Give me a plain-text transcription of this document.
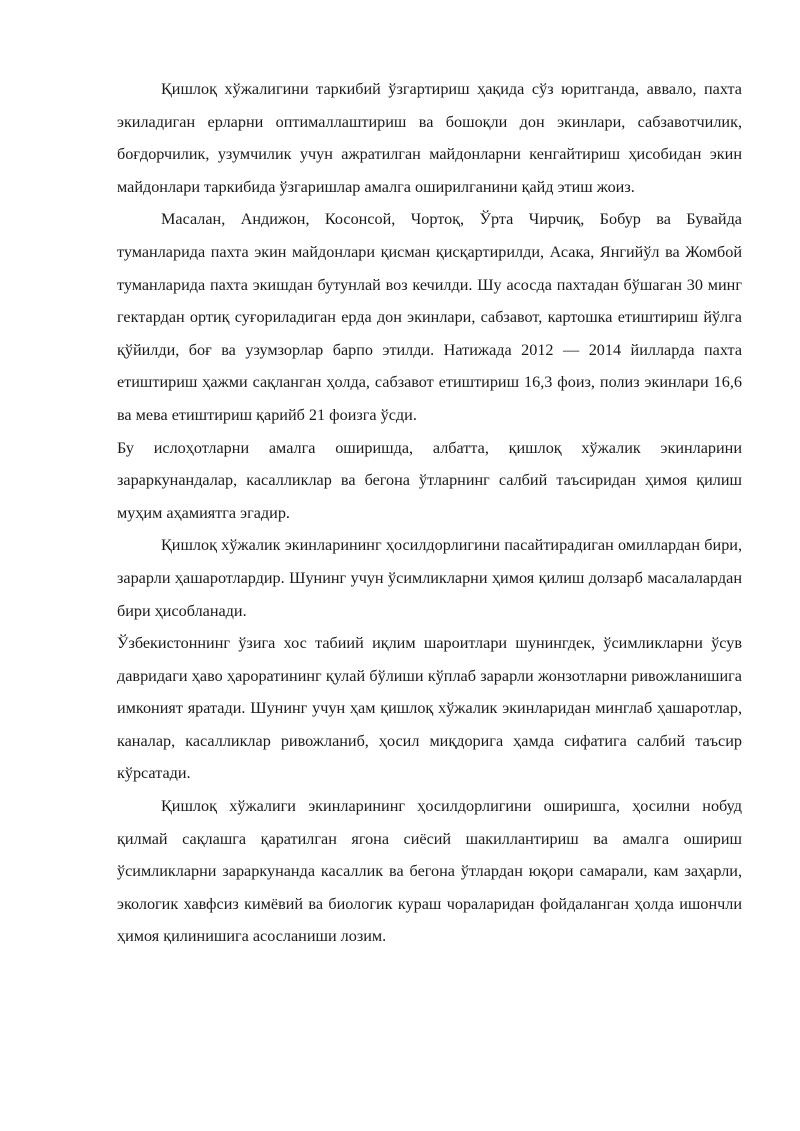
Қишлоқ хўжалигини таркибий ўзгартириш ҳақида сўз юритганда, аввало, пахта экиладиган ерларни оптималлаштириш ва бошоқли дон экинлари, сабзавотчилик, боғдорчилик, узумчилик учун ажратилган майдонларни кенгайтириш ҳисобидан экин майдонлари таркибида ўзгаришлар амалга оширилганини қайд этиш жоиз.

Масалан, Андижон, Косонсой, Чортоқ, Ўрта Чирчиқ, Бобур ва Бувайда туманларида пахта экин майдонлари қисман қисқартирилди, Асака, Янгийўл ва Жомбой туманларида пахта экишдан бутунлай воз кечилди. Шу асосда пахтадан бўшаган 30 минг гектардан ортиқ суғориладиган ерда дон экинлари, сабзавот, картошка етиштириш йўлга қўйилди, боғ ва узумзорлар барпо этилди. Натижада 2012 — 2014 йилларда пахта етиштириш ҳажми сақланган ҳолда, сабзавот етиштириш 16,3 фоиз, полиз экинлари 16,6 ва мева етиштириш қарийб 21 фоизга ўсди.

Бу ислоҳотларни амалга оширишда, албатта, қишлоқ хўжалик экинларини зараркунандалар, касалликлар ва бегона ўтларнинг салбий таъсиридан ҳимоя қилиш муҳим аҳамиятга эгадир.

Қишлоқ хўжалик экинларининг ҳосилдорлигини пасайтирадиган омиллардан бири, зарарли ҳашаротлардир. Шунинг учун ўсимликларни ҳимоя қилиш долзарб масалалардан бири ҳисобланади.

Ўзбекистоннинг ўзига хос табиий иқлим шароитлари шунингдек, ўсимликларни ўсув давридаги ҳаво ҳароратининг қулай бўлиши кўплаб зарарли жонзотларни ривожланишига имконият яратади. Шунинг учун ҳам қишлоқ хўжалик экинларидан минглаб ҳашаротлар, каналар, касалликлар ривожланиб, ҳосил миқдорига ҳамда сифатига салбий таъсир кўрсатади.

Қишлоқ хўжалиги экинларининг ҳосилдорлигини оширишга, ҳосилни нобуд қилмай сақлашга қаратилган ягона сиёсий шакиллантириш ва амалга ошириш ўсимликларни зараркунанда касаллик ва бегона ўтлардан юқори самарали, кам заҳарли, экологик хавфсиз кимёвий ва биологик кураш чораларидан фойдаланган ҳолда ишончли ҳимоя қилинишига асосланиши лозим.
